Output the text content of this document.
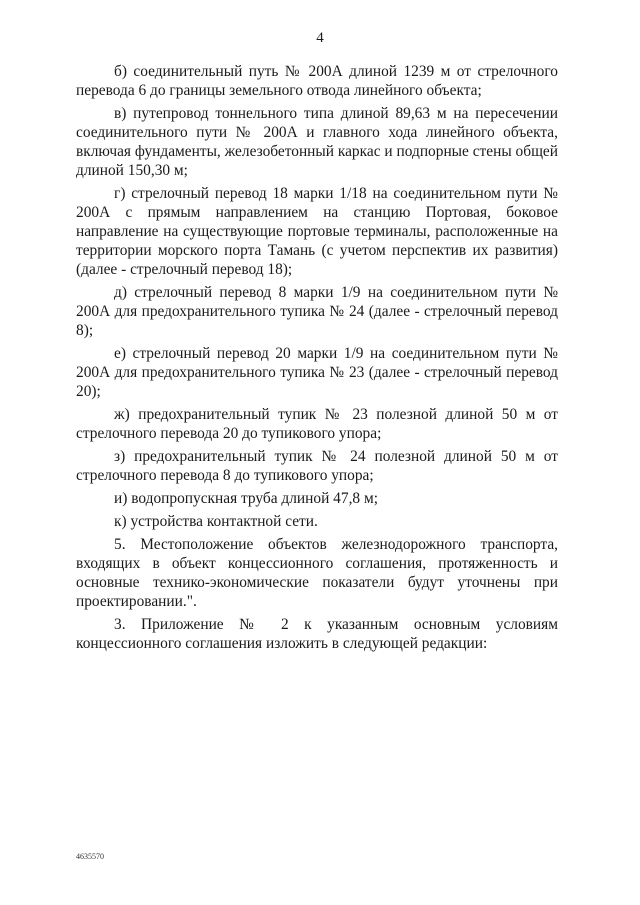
4

б) соединительный путь № 200А длиной 1239 м от стрелочного перевода 6 до границы земельного отвода линейного объекта;

в) путепровод тоннельного типа длиной 89,63 м на пересечении соединительного пути № 200А и главного хода линейного объекта, включая фундаменты, железобетонный каркас и подпорные стены общей длиной 150,30 м;

г) стрелочный перевод 18 марки 1/18 на соединительном пути № 200А с прямым направлением на станцию Портовая, боковое направление на существующие портовые терминалы, расположенные на территории морского порта Тамань (с учетом перспектив их развития) (далее - стрелочный перевод 18);

д) стрелочный перевод 8 марки 1/9 на соединительном пути № 200А для предохранительного тупика № 24 (далее - стрелочный перевод 8);

е) стрелочный перевод 20 марки 1/9 на соединительном пути № 200А для предохранительного тупика № 23 (далее - стрелочный перевод 20);

ж) предохранительный тупик № 23 полезной длиной 50 м от стрелочного перевода 20 до тупикового упора;

з) предохранительный тупик № 24 полезной длиной 50 м от стрелочного перевода 8 до тупикового упора;

и) водопропускная труба длиной 47,8 м;

к) устройства контактной сети.

5. Местоположение объектов железнодорожного транспорта, входящих в объект концессионного соглашения, протяженность и основные технико-экономические показатели будут уточнены при проектировании.".

3. Приложение № 2 к указанным основным условиям концессионного соглашения изложить в следующей редакции:

4635570
